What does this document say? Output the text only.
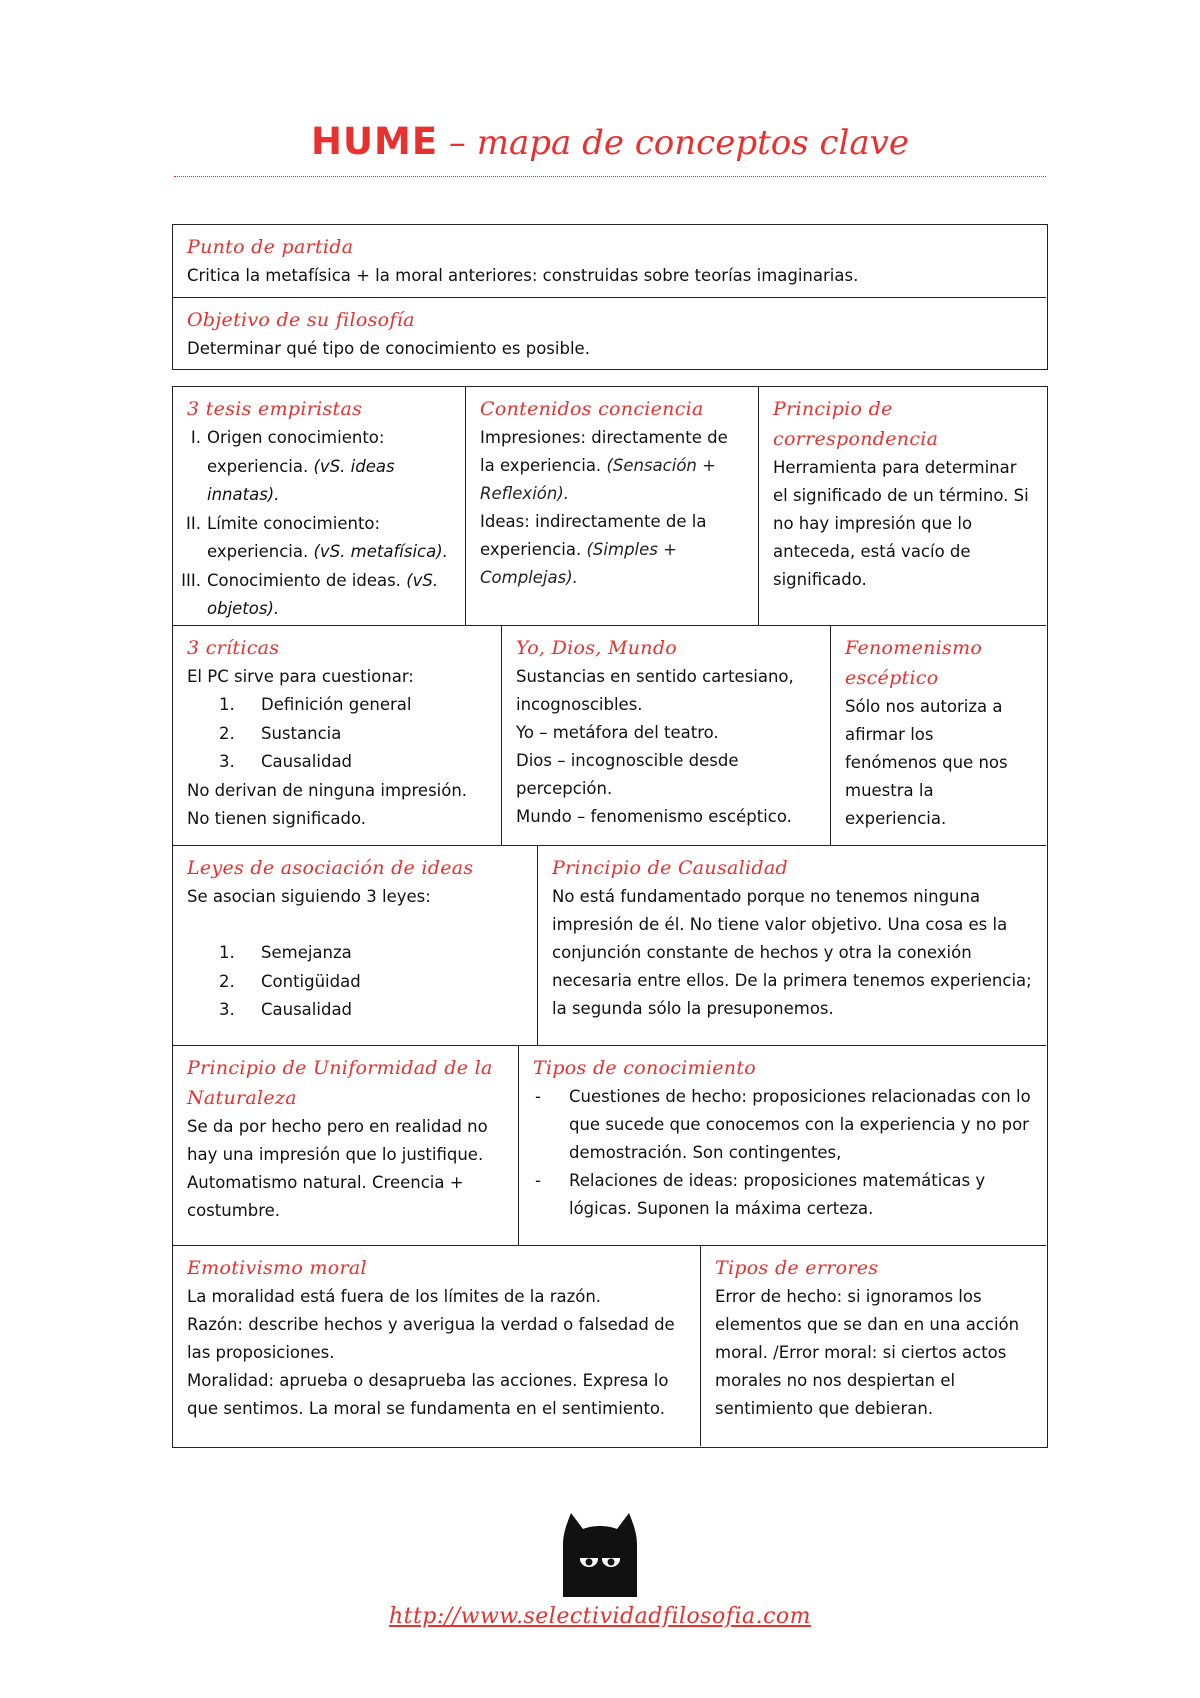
HUME – mapa de conceptos clave
Punto de partida
Critica la metafísica + la moral anteriores: construidas sobre teorías imaginarias.
Objetivo de su filosofía
Determinar qué tipo de conocimiento es posible.
3 tesis empiristas
I. Origen conocimiento: experiencia. (vS. ideas innatas).
II. Límite conocimiento: experiencia. (vS. metafísica).
III. Conocimiento de ideas. (vS. objetos).
Contenidos conciencia
Impresiones: directamente de la experiencia. (Sensación + Reflexión).
Ideas: indirectamente de la experiencia. (Simples + Complejas).
Principio de correspondencia
Herramienta para determinar el significado de un término. Si no hay impresión que lo anteceda, está vacío de significado.
3 críticas
El PC sirve para cuestionar:
1. Definición general
2. Sustancia
3. Causalidad
No derivan de ninguna impresión.
No tienen significado.
Yo, Dios, Mundo
Sustancias en sentido cartesiano, incognoscibles.
Yo – metáfora del teatro.
Dios – incognoscible desde percepción.
Mundo – fenomenismo escéptico.
Fenomenismo escéptico
Sólo nos autoriza a afirmar los fenómenos que nos muestra la experiencia.
Leyes de asociación de ideas
Se asocian siguiendo 3 leyes:
1. Semejanza
2. Contigüidad
3. Causalidad
Principio de Causalidad
No está fundamentado porque no tenemos ninguna impresión de él. No tiene valor objetivo. Una cosa es la conjunción constante de hechos y otra la conexión necesaria entre ellos. De la primera tenemos experiencia; la segunda sólo la presuponemos.
Principio de Uniformidad de la Naturaleza
Se da por hecho pero en realidad no hay una impresión que lo justifique. Automatismo natural. Creencia + costumbre.
Tipos de conocimiento
- Cuestiones de hecho: proposiciones relacionadas con lo que sucede que conocemos con la experiencia y no por demostración. Son contingentes,
- Relaciones de ideas: proposiciones matemáticas y lógicas. Suponen la máxima certeza.
Emotivismo moral
La moralidad está fuera de los límites de la razón.
Razón: describe hechos y averigua la verdad o falsedad de las proposiciones.
Moralidad: aprueba o desaprueba las acciones. Expresa lo que sentimos. La moral se fundamenta en el sentimiento.
Tipos de errores
Error de hecho: si ignoramos los elementos que se dan en una acción moral. /Error moral: si ciertos actos morales no nos despiertan el sentimiento que debieran.
http://www.selectividadfilosofia.com
